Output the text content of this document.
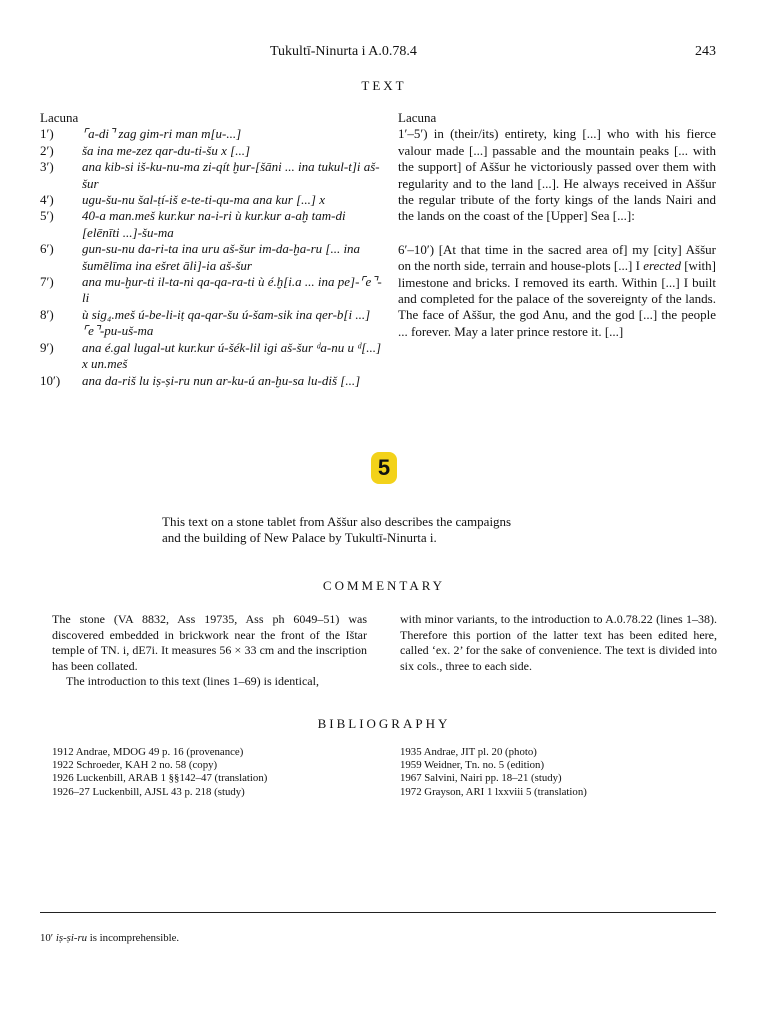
Tukultī-Ninurta i A.0.78.4	243
TEXT
Lacuna
1′) ⌜a-di⌝ zag gim-ri man m[u-...]
2′) ša ina me-zez qar-du-ti-šu x [...]
3′) ana kib-si iš-ku-nu-ma zi-qít ḫur-[šāni ... ina tukul-t]i aš-šur
4′) ugu-šu-nu šal-ṭí-iš e-te-ti-qu-ma ana kur [...] x
5′) 40-a man.meš kur.kur na-i-ri ù kur.kur a-aḫ tam-di [elēnīti ...]-šu-ma
6′) gun-su-nu da-ri-ta ina uru aš-šur im-da-ḫa-ru [... ina šumēlīma ina ešret āli]-ia aš-šur
7′) ana mu-ḫur-ti il-ta-ni qa-qa-ra-ti ù é.ḫ[i.a ... ina pe]-⌜e⌝-li
8′) ù sig₄.meš ú-be-li-iṭ qa-qar-šu ú-šam-sik ina qer-b[i ...] ⌜e⌝-pu-uš-ma
9′) ana é.gal lugal-ut kur.kur ú-šék-lil igi aš-šur ᵈa-nu u ᵈ[...] x un.meš
10′) ana da-riš lu iṣ-ṣi-ru nun ar-ku-ú an-ḫu-sa lu-diš [...]

Lacuna

1′–5′) in (their/its) entirety, king [...] who with his fierce valour made [...] passable and the mountain peaks [... with the support] of Aššur he victoriously passed over them with regularity and to the land [...]. He always received in Aššur the regular tribute of the forty kings of the lands Nairi and the lands on the coast of the [Upper] Sea [...]:

6′–10′) [At that time in the sacred area of] my [city] Aššur on the north side, terrain and house-plots [...] I erected [with] limestone and bricks. I removed its earth. Within [...] I built and completed for the palace of the sovereignty of the lands. The face of Aššur, the god Anu, and the god [...] the people ... forever. May a later prince restore it. [...]

5

This text on a stone tablet from Aššur also describes the campaigns

and the building of New Palace by Tukultī-Ninurta i.

COMMENTARY

The stone (VA 8832, Ass 19735, Ass ph 6049–51) was discovered embedded in brickwork near the front of the Ištar temple of TN. i, dE7i. It measures 56 × 33 cm and the inscription has been collated.

The introduction to this text (lines 1–69) is identical,

with minor variants, to the introduction to A.0.78.22 (lines 1–38). Therefore this portion of the latter text has been edited here, called ‘ex. 2’ for the sake of convenience. The text is divided into six cols., three to each side.

BIBLIOGRAPHY
1912 Andrae, MDOG 49 p. 16 (provenance)
1922 Schroeder, KAH 2 no. 58 (copy)
1926 Luckenbill, ARAB 1 §§142–47 (translation)
1926–27 Luckenbill, AJSL 43 p. 218 (study)
1935 Andrae, JIT pl. 20 (photo)
1959 Weidner, Tn. no. 5 (edition)
1967 Salvini, Nairi pp. 18–21 (study)
1972 Grayson, ARI 1 lxxviii 5 (translation)
10′ iṣ-ṣi-ru is incomprehensible.
